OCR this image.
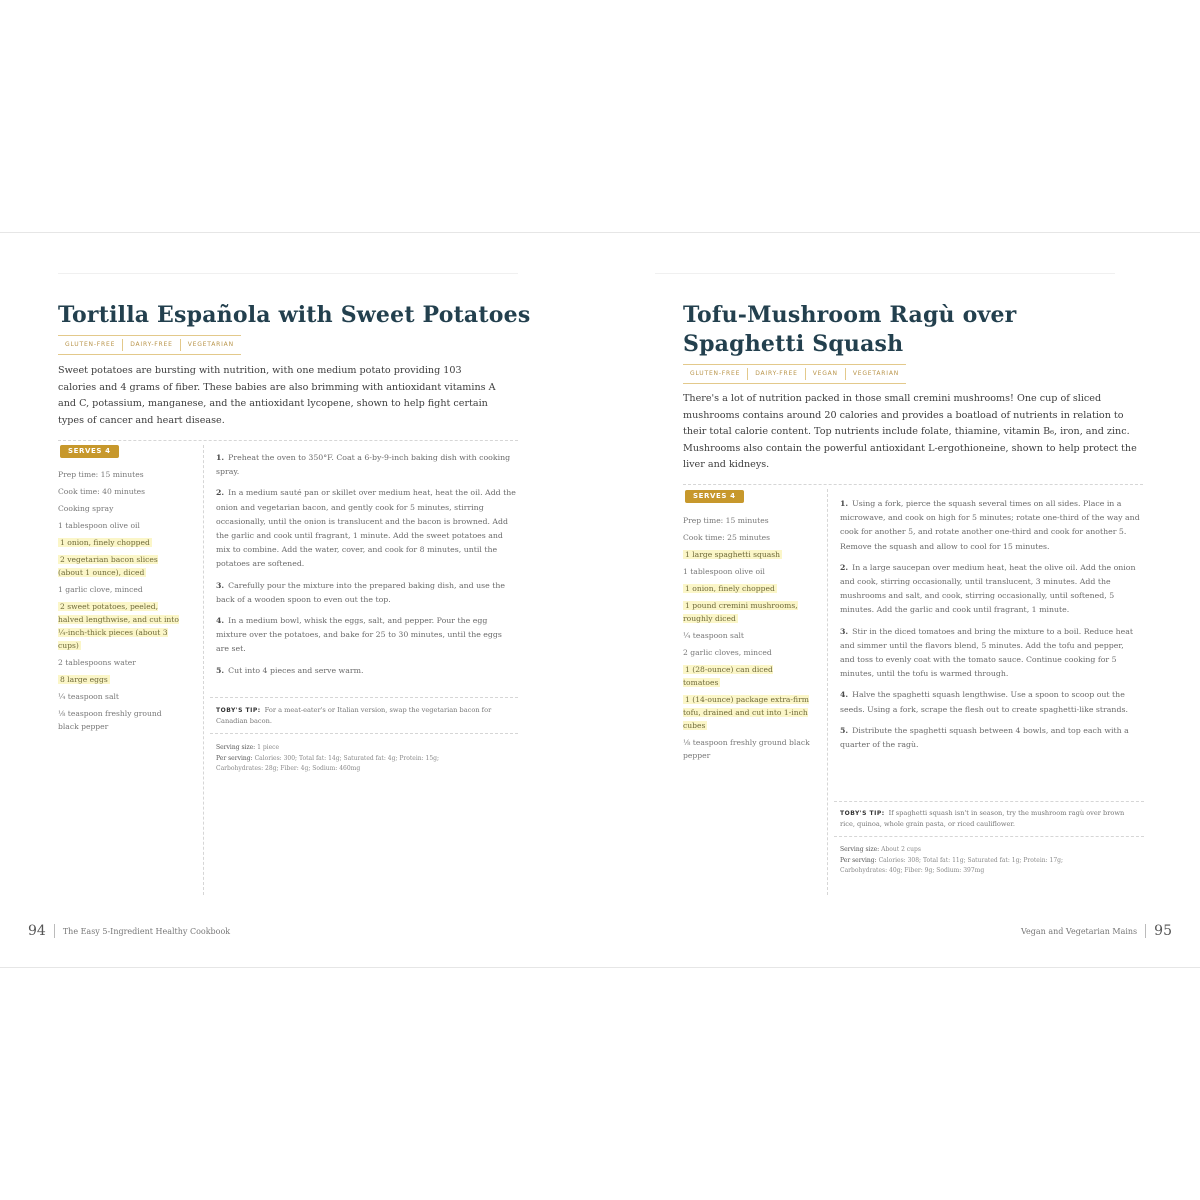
Tortilla Española with Sweet Potatoes
GLUTEN-FREE	DAIRY-FREE	VEGETARIAN

Sweet potatoes are bursting with nutrition, with one medium potato providing 103 calories and 4 grams of fiber. These babies are also brimming with antioxidant vitamins A and C, potassium, manganese, and the antioxidant lycopene, shown to help fight certain types of cancer and heart disease.

SERVES 4
Prep time: 15 minutes
Cook time: 40 minutes
Cooking spray
1 tablespoon olive oil
1 onion, finely chopped
2 vegetarian bacon slices (about 1 ounce), diced
1 garlic clove, minced
2 sweet potatoes, peeled, halved lengthwise, and cut into ¼-inch-thick pieces (about 3 cups)
2 tablespoons water
8 large eggs
¼ teaspoon salt
⅛ teaspoon freshly ground black pepper
1. Preheat the oven to 350°F. Coat a 6-by-9-inch baking dish with cooking spray.
2. In a medium sauté pan or skillet over medium heat, heat the oil. Add the onion and vegetarian bacon, and gently cook for 5 minutes, stirring occasionally, until the onion is translucent and the bacon is browned. Add the garlic and cook until fragrant, 1 minute. Add the sweet potatoes and mix to combine. Add the water, cover, and cook for 8 minutes, until the potatoes are softened.
3. Carefully pour the mixture into the prepared baking dish, and use the back of a wooden spoon to even out the top.
4. In a medium bowl, whisk the eggs, salt, and pepper. Pour the egg mixture over the potatoes, and bake for 25 to 30 minutes, until the eggs are set.
5. Cut into 4 pieces and serve warm.

TOBY'S TIP: For a meat-eater's or Italian version, swap the vegetarian bacon for Canadian bacon.

Serving size: 1 piece
Per serving: Calories: 300; Total fat: 14g; Saturated fat: 4g; Protein: 15g; Carbohydrates: 28g; Fiber: 4g; Sodium: 460mg

94 The Easy 5-Ingredient Healthy Cookbook
Tofu-Mushroom Ragù over
Spaghetti Squash
GLUTEN-FREE	DAIRY-FREE	VEGAN	VEGETARIAN

There's a lot of nutrition packed in those small cremini mushrooms! One cup of sliced mushrooms contains around 20 calories and provides a boatload of nutrients in relation to their total calorie content. Top nutrients include folate, thiamine, vitamin B₆, iron, and zinc. Mushrooms also contain the powerful antioxidant L-ergothioneine, shown to help protect the liver and kidneys.

SERVES 4
Prep time: 15 minutes
Cook time: 25 minutes
1 large spaghetti squash
1 tablespoon olive oil
1 onion, finely chopped
1 pound cremini mushrooms, roughly diced
¼ teaspoon salt
2 garlic cloves, minced
1 (28-ounce) can diced tomatoes
1 (14-ounce) package extra-firm tofu, drained and cut into 1-inch cubes
⅛ teaspoon freshly ground black pepper
1. Using a fork, pierce the squash several times on all sides. Place in a microwave, and cook on high for 5 minutes; rotate one-third of the way and cook for another 5, and rotate another one-third and cook for another 5. Remove the squash and allow to cool for 15 minutes.
2. In a large saucepan over medium heat, heat the olive oil. Add the onion and cook, stirring occasionally, until translucent, 3 minutes. Add the mushrooms and salt, and cook, stirring occasionally, until softened, 5 minutes. Add the garlic and cook until fragrant, 1 minute.
3. Stir in the diced tomatoes and bring the mixture to a boil. Reduce heat and simmer until the flavors blend, 5 minutes. Add the tofu and pepper, and toss to evenly coat with the tomato sauce. Continue cooking for 5 minutes, until the tofu is warmed through.
4. Halve the spaghetti squash lengthwise. Use a spoon to scoop out the seeds. Using a fork, scrape the flesh out to create spaghetti-like strands.
5. Distribute the spaghetti squash between 4 bowls, and top each with a quarter of the ragù.

TOBY'S TIP: If spaghetti squash isn't in season, try the mushroom ragù over brown rice, quinoa, whole grain pasta, or riced cauliflower.

Serving size: About 2 cups
Per serving: Calories: 308; Total fat: 11g; Saturated fat: 1g; Protein: 17g; Carbohydrates: 40g; Fiber: 9g; Sodium: 397mg

Vegan and Vegetarian Mains 95
